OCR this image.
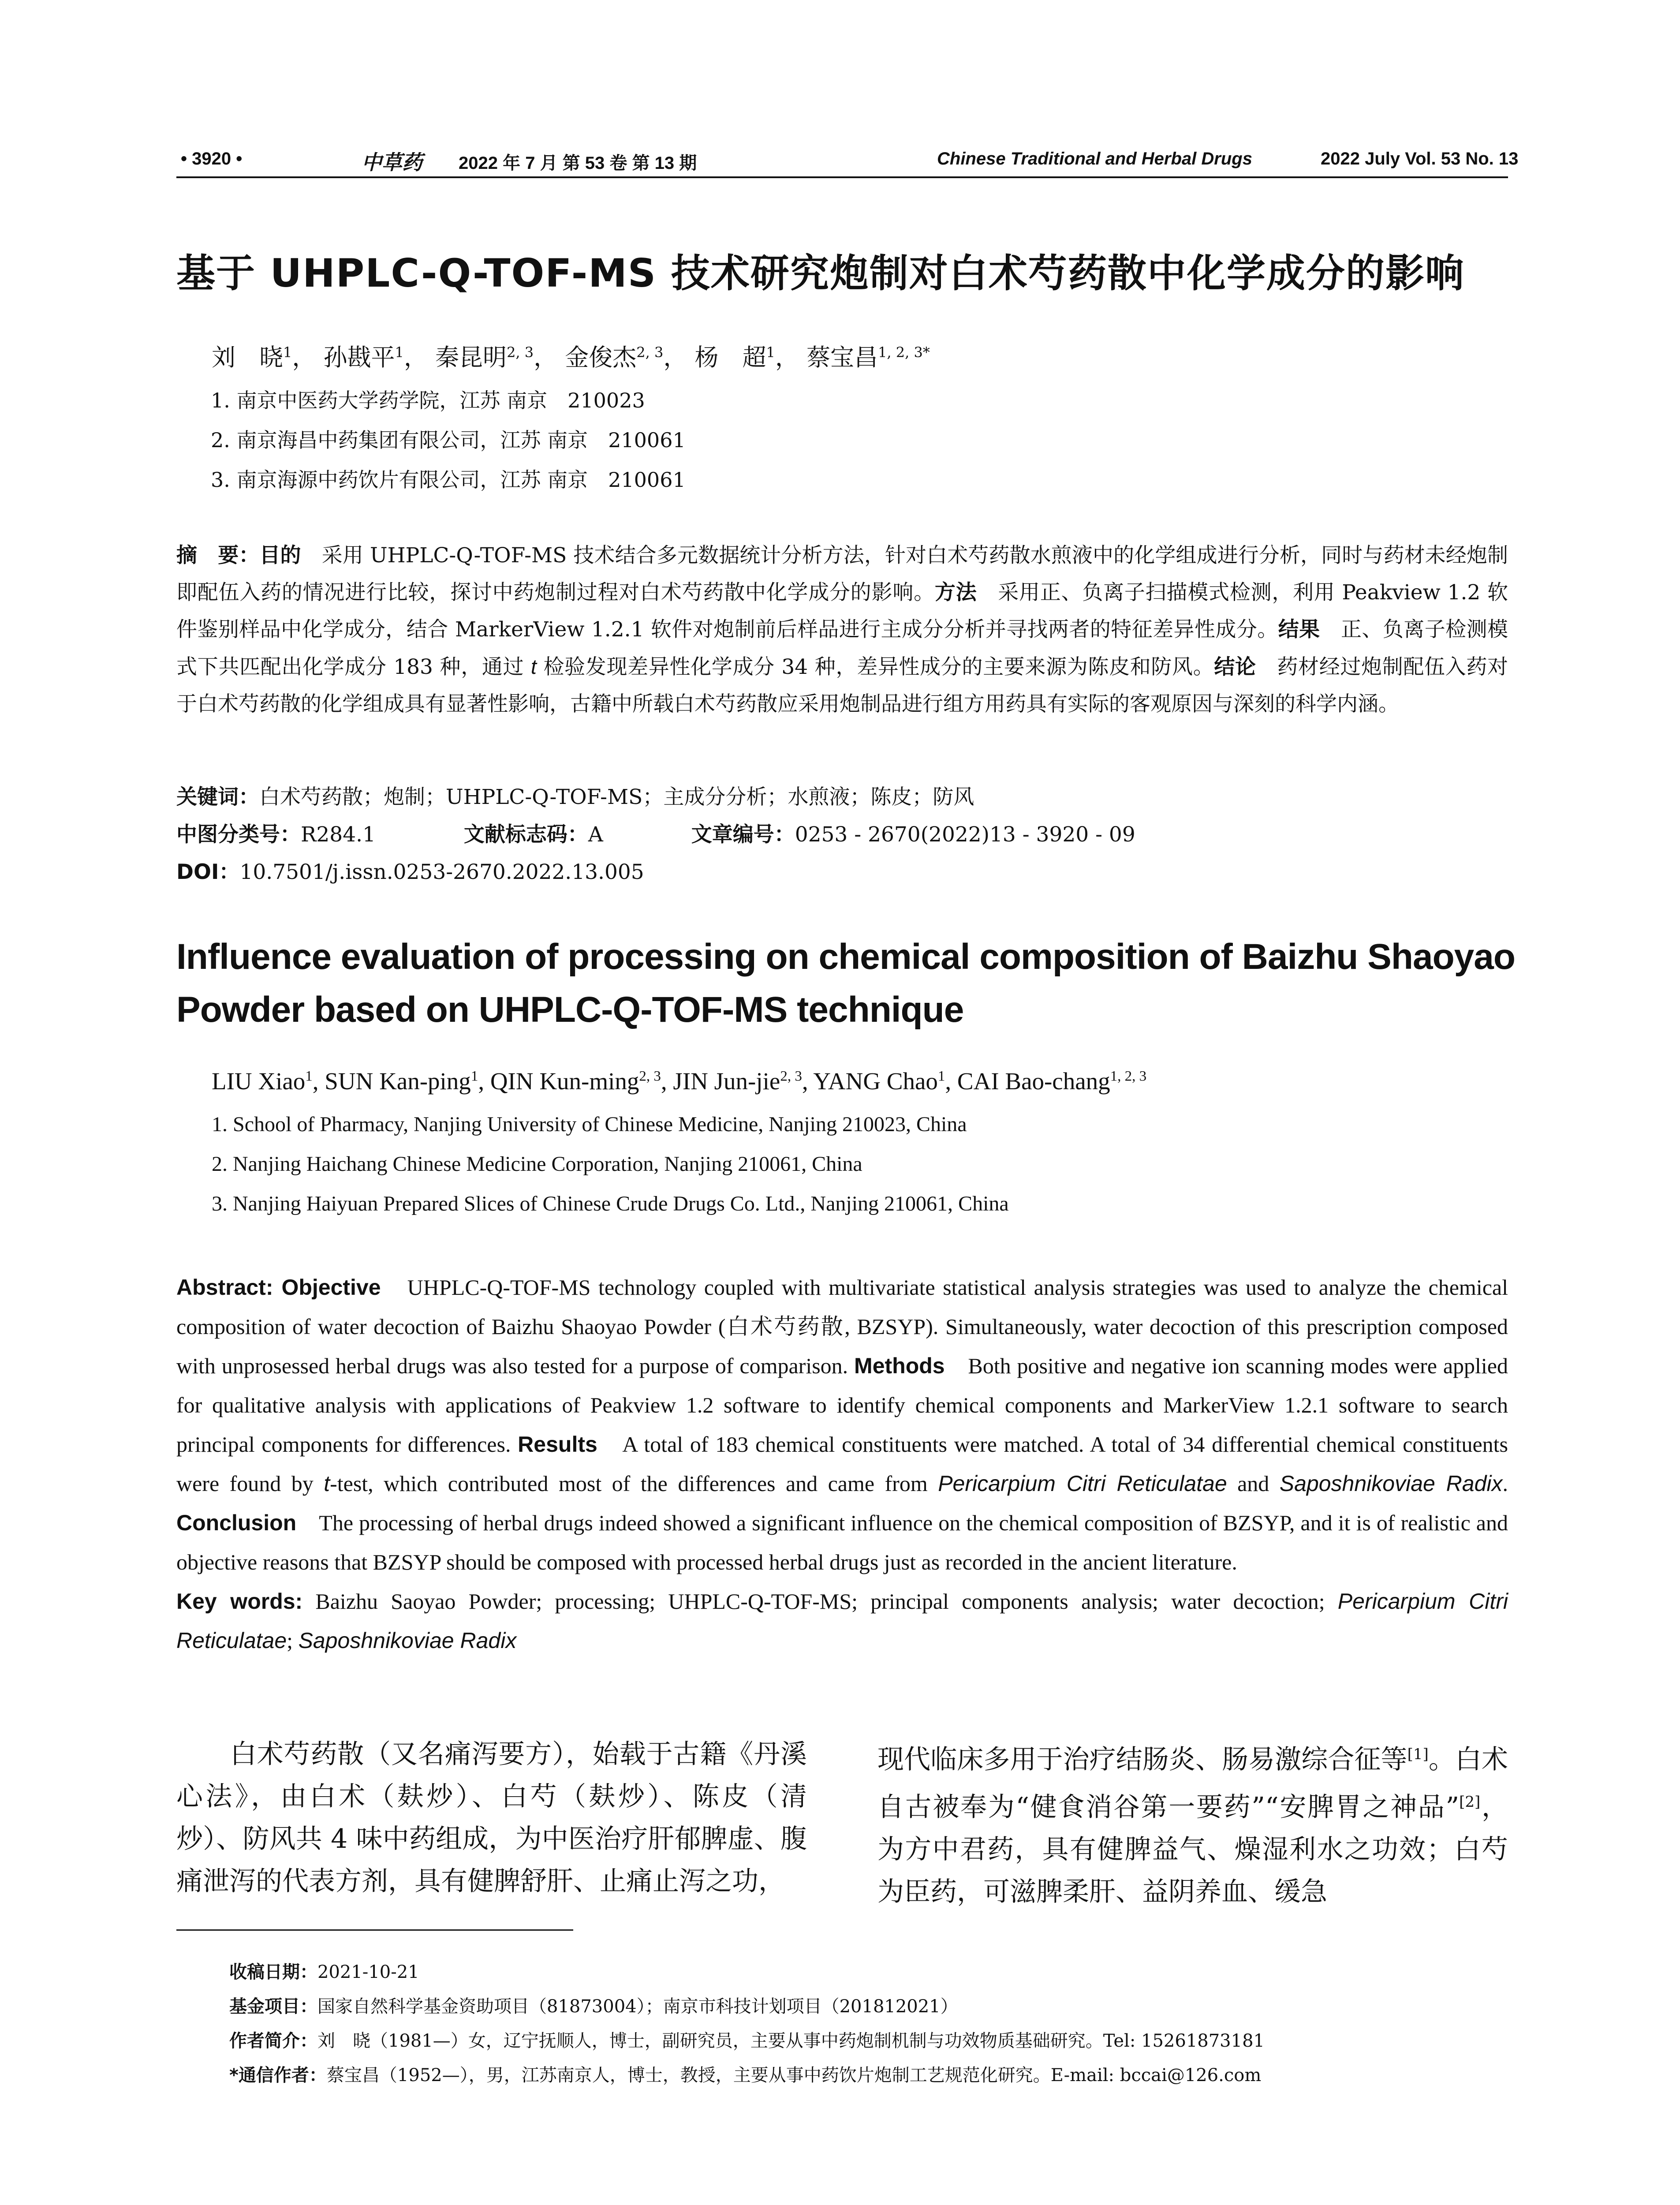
• 3920 •	中草药 2022 年 7 月 第 53 卷 第 13 期	Chinese Traditional and Herbal Drugs	2022 July Vol. 53 No. 13
基于 UHPLC-Q-TOF-MS 技术研究炮制对白术芍药散中化学成分的影响
刘　晓$^1$， 孙戡平$^1$， 秦昆明$^{2, 3}$， 金俊杰$^{2, 3}$， 杨　超$^1$， 蔡宝昌$^{1, 2, 3*}$
1. 南京中医药大学药学院，江苏 南京　210023
2. 南京海昌中药集团有限公司，江苏 南京　210061
3. 南京海源中药饮片有限公司，江苏 南京　210061
摘　要：目的　采用 UHPLC-Q-TOF-MS 技术结合多元数据统计分析方法，针对白术芍药散水煎液中的化学组成进行分析，同时与药材未经炮制即配伍入药的情况进行比较，探讨中药炮制过程对白术芍药散中化学成分的影响。方法　采用正、负离子扫描模式检测，利用 Peakview 1.2 软件鉴别样品中化学成分，结合 MarkerView 1.2.1 软件对炮制前后样品进行主成分分析并寻找两者的特征差异性成分。结果　正、负离子检测模式下共匹配出化学成分 183 种，通过 t 检验发现差异性化学成分 34 种，差异性成分的主要来源为陈皮和防风。结论　药材经过炮制配伍入药对于白术芍药散的化学组成具有显著性影响，古籍中所载白术芍药散应采用炮制品进行组方用药具有实际的客观原因与深刻的科学内涵。
关键词：白术芍药散；炮制；UHPLC-Q-TOF-MS；主成分分析；水煎液；陈皮；防风
中图分类号：R284.1	文献标志码：A	文章编号：0253 - 2670(2022)13 - 3920 - 09
DOI：10.7501/j.issn.0253-2670.2022.13.005
Influence evaluation of processing on chemical composition of Baizhu Shaoyao Powder based on UHPLC-Q-TOF-MS technique
LIU Xiao$^1$, SUN Kan-ping$^1$, QIN Kun-ming$^{2, 3}$, JIN Jun-jie$^{2, 3}$, YANG Chao$^1$, CAI Bao-chang$^{1, 2, 3}$
1. School of Pharmacy, Nanjing University of Chinese Medicine, Nanjing 210023, China
2. Nanjing Haichang Chinese Medicine Corporation, Nanjing 210061, China
3. Nanjing Haiyuan Prepared Slices of Chinese Crude Drugs Co. Ltd., Nanjing 210061, China
Abstract: Objective　UHPLC-Q-TOF-MS technology coupled with multivariate statistical analysis strategies was used to analyze the chemical composition of water decoction of Baizhu Shaoyao Powder (白术芍药散, BZSYP). Simultaneously, water decoction of this prescription composed with unprosessed herbal drugs was also tested for a purpose of comparison. Methods　Both positive and negative ion scanning modes were applied for qualitative analysis with applications of Peakview 1.2 software to identify chemical components and MarkerView 1.2.1 software to search principal components for differences. Results　A total of 183 chemical constituents were matched. A total of 34 differential chemical constituents were found by t-test, which contributed most of the differences and came from Pericarpium Citri Reticulatae and Saposhnikoviae Radix. Conclusion　The processing of herbal drugs indeed showed a significant influence on the chemical composition of BZSYP, and it is of realistic and objective reasons that BZSYP should be composed with processed herbal drugs just as recorded in the ancient literature.
Key words: Baizhu Saoyao Powder; processing; UHPLC-Q-TOF-MS; principal components analysis; water decoction; Pericarpium Citri Reticulatae; Saposhnikoviae Radix
　　白术芍药散（又名痛泻要方），始载于古籍《丹溪心法》，由白术（麸炒）、白芍（麸炒）、陈皮（清炒）、防风共 4 味中药组成，为中医治疗肝郁脾虚、腹痛泄泻的代表方剂，具有健脾舒肝、止痛止泻之功，
现代临床多用于治疗结肠炎、肠易激综合征等[1]。白术自古被奉为“健食消谷第一要药”“安脾胃之神品”[2]，为方中君药，具有健脾益气、燥湿利水之功效；白芍为臣药，可滋脾柔肝、益阴养血、缓急
收稿日期：2021-10-21
基金项目：国家自然科学基金资助项目（81873004）；南京市科技计划项目（201812021）
作者简介：刘　晓（1981—）女，辽宁抚顺人，博士，副研究员，主要从事中药炮制机制与功效物质基础研究。Tel: 15261873181
*通信作者：蔡宝昌（1952—），男，江苏南京人，博士，教授，主要从事中药饮片炮制工艺规范化研究。E-mail: bccai@126.com
